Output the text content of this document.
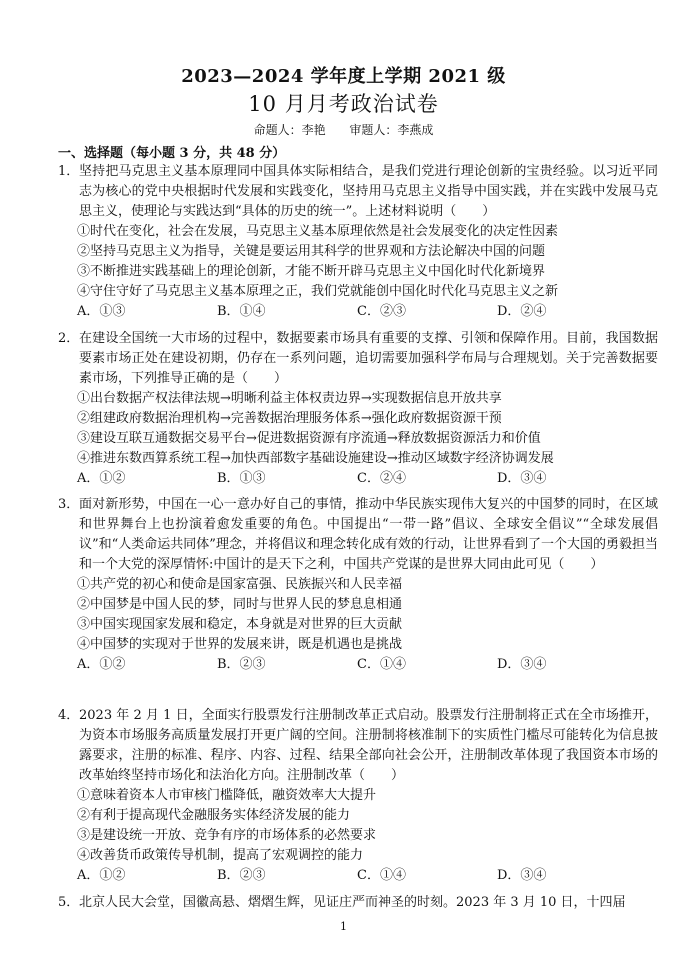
2023—2024 学年度上学期 2021 级
10 月月考政治试卷
命题人：李艳 审题人：李燕成
一、选择题（每小题 3 分，共 48 分）
1． 坚持把马克思主义基本原理同中国具体实际相结合，是我们党进行理论创新的宝贵经验。以习近平同志为核心的党中央根据时代发展和实践变化，坚持用马克思主义指导中国实践，并在实践中发展马克思主义，使理论与实践达到“具体的历史的统一”。上述材料说明（　　）
①时代在变化，社会在发展，马克思主义基本原理依然是社会发展变化的决定性因素
②坚持马克思主义为指导，关键是要运用其科学的世界观和方法论解决中国的问题
③不断推进实践基础上的理论创新，才能不断开辟马克思主义中国化时代化新境界
④守住守好了马克思主义基本原理之正，我们党就能创中国化时代化马克思主义之新
A．①③	B．①④	C．②③	D．②④
2． 在建设全国统一大市场的过程中，数据要素市场具有重要的支撑、引领和保障作用。目前，我国数据要素市场正处在建设初期，仍存在一系列问题，追切需要加强科学布局与合理规划。关于完善数据要素市场，下列推导正确的是（　　）
①出台数据产权法律法规→明晰利益主体权责边界→实现数据信息开放共享
②组建政府数据治理机构→完善数据治理服务体系→强化政府数据资源干预
③建设互联互通数据交易平台→促进数据资源有序流通→释放数据资源活力和价值
④推进东数西算系统工程→加快西部数字基础设施建设→推动区域数字经济协调发展
A．①②	B．①③	C．②④	D．③④
3． 面对新形势，中国在一心一意办好自己的事情，推动中华民族实现伟大复兴的中国梦的同时，在区域和世界舞台上也扮演着愈发重要的角色。中国提出“一带一路”倡议、全球安全倡议”“全球发展倡议”和“人类命运共同体”理念，并将倡议和理念转化成有效的行动，让世界看到了一个大国的勇毅担当和一个大党的深厚情怀:中国计的是天下之利，中国共产党谋的是世界大同由此可见（　　）
①共产党的初心和使命是国家富强、民族振兴和人民幸福
②中国梦是中国人民的梦，同时与世界人民的梦息息相通
③中国实现国家发展和稳定，本身就是对世界的巨大贡献
④中国梦的实现对于世界的发展来讲，既是机遇也是挑战
A．①②	B．②③	C．①④	D．③④
4． 2023 年 2 月 1 日，全面实行股票发行注册制改革正式启动。股票发行注册制将正式在全市场推开，为资本市场服务高质量发展打开更广阔的空间。注册制将核准制下的实质性门槛尽可能转化为信息披露要求，注册的标准、程序、内容、过程、结果全部向社会公开，注册制改革体现了我国资本市场的改革始终坚持市场化和法治化方向。注册制改革（　　）
①意味着资本人市审核门槛降低，融资效率大大提升
②有利于提高现代金融服务实体经济发展的能力
③是建设统一开放、竞争有序的市场体系的必然要求
④改善货币政策传导机制，提高了宏观调控的能力
A．①②	B．②③	C．①④	D．③④
5． 北京人民大会堂，国徽高悬、熠熠生辉，见证庄严而神圣的时刻。2023 年 3 月 10 日，十四届
1
